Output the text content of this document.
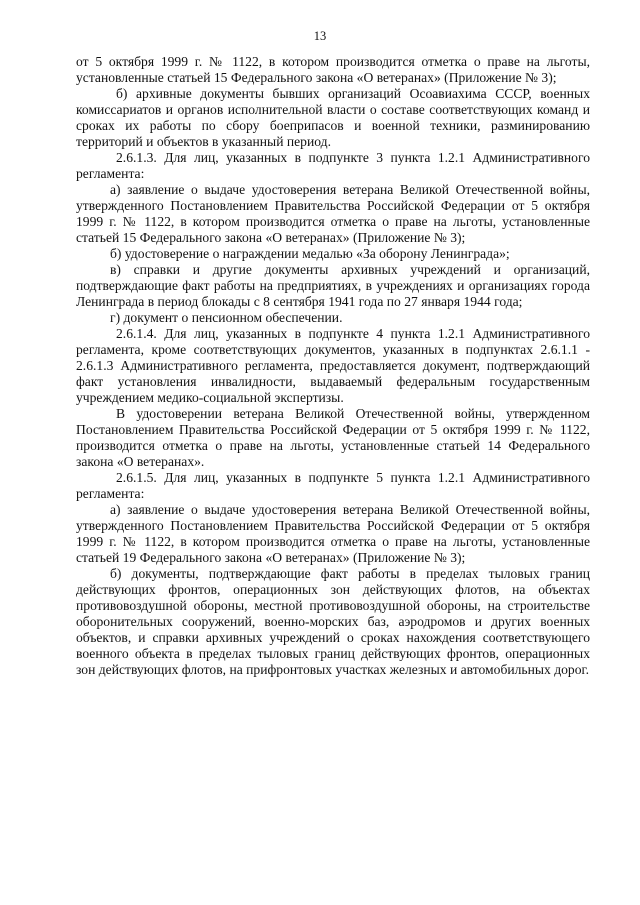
13

от 5 октября 1999 г. № 1122, в котором производится отметка о праве на льготы, установленные статьей 15 Федерального закона «О ветеранах» (Приложение № 3);

б) архивные документы бывших организаций Осоавиахима СССР, военных комиссариатов и органов исполнительной власти о составе соответствующих команд и сроках их работы по сбору боеприпасов и военной техники, разминированию территорий и объектов в указанный период.

2.6.1.3. Для лиц, указанных в подпункте 3 пункта 1.2.1 Административного регламента:

а) заявление о выдаче удостоверения ветерана Великой Отечественной войны, утвержденного Постановлением Правительства Российской Федерации от 5 октября 1999 г. № 1122, в котором производится отметка о праве на льготы, установленные статьей 15 Федерального закона «О ветеранах» (Приложение № 3);

б) удостоверение о награждении медалью «За оборону Ленинграда»;

в) справки и другие документы архивных учреждений и организаций, подтверждающие факт работы на предприятиях, в учреждениях и организациях города Ленинграда в период блокады с 8 сентября 1941 года по 27 января 1944 года;

г) документ о пенсионном обеспечении.

2.6.1.4. Для лиц, указанных в подпункте 4 пункта 1.2.1 Административного регламента, кроме соответствующих документов, указанных в подпунктах 2.6.1.1 - 2.6.1.3 Административного регламента, предоставляется документ, подтверждающий факт установления инвалидности, выдаваемый федеральным государственным учреждением медико-социальной экспертизы.

В удостоверении ветерана Великой Отечественной войны, утвержденном Постановлением Правительства Российской Федерации от 5 октября 1999 г. № 1122, производится отметка о праве на льготы, установленные статьей 14 Федерального закона «О ветеранах».

2.6.1.5. Для лиц, указанных в подпункте 5 пункта 1.2.1 Административного регламента:

а) заявление о выдаче удостоверения ветерана Великой Отечественной войны, утвержденного Постановлением Правительства Российской Федерации от 5 октября 1999 г. № 1122, в котором производится отметка о праве на льготы, установленные статьей 19 Федерального закона «О ветеранах» (Приложение № 3);

б) документы, подтверждающие факт работы в пределах тыловых границ действующих фронтов, операционных зон действующих флотов, на объектах противовоздушной обороны, местной противовоздушной обороны, на строительстве оборонительных сооружений, военно-морских баз, аэродромов и других военных объектов, и справки архивных учреждений о сроках нахождения соответствующего военного объекта в пределах тыловых границ действующих фронтов, операционных зон действующих флотов, на прифронтовых участках железных и автомобильных дорог.
